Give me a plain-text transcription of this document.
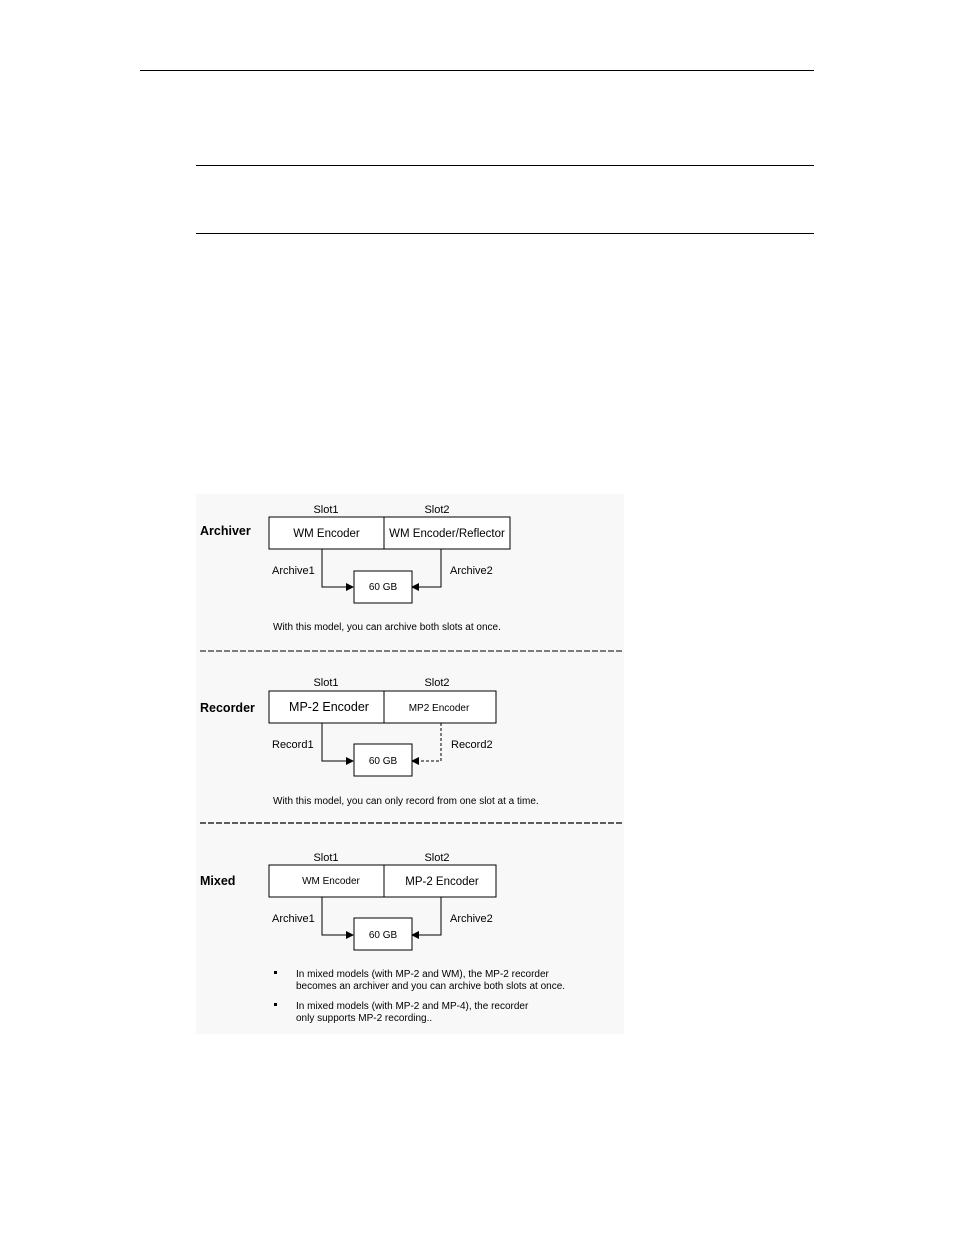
Archiver
Slot1	Slot2
WM Encoder	WM Encoder/Reflector
Archive1	Archive2
60 GB
With this model, you can archive both slots at once.
Recorder
Slot1	Slot2
MP-2 Encoder	MP2 Encoder
Record1	Record2
60 GB
With this model, you can only record from one slot at a time.
Mixed
Slot1	Slot2
WM Encoder	MP-2 Encoder
Archive1	Archive2
60 GB
In mixed models (with MP-2 and WM), the MP-2 recorder
becomes an archiver and you can archive both slots at once.
In mixed models (with MP-2 and MP-4), the recorder
only supports MP-2 recording..
